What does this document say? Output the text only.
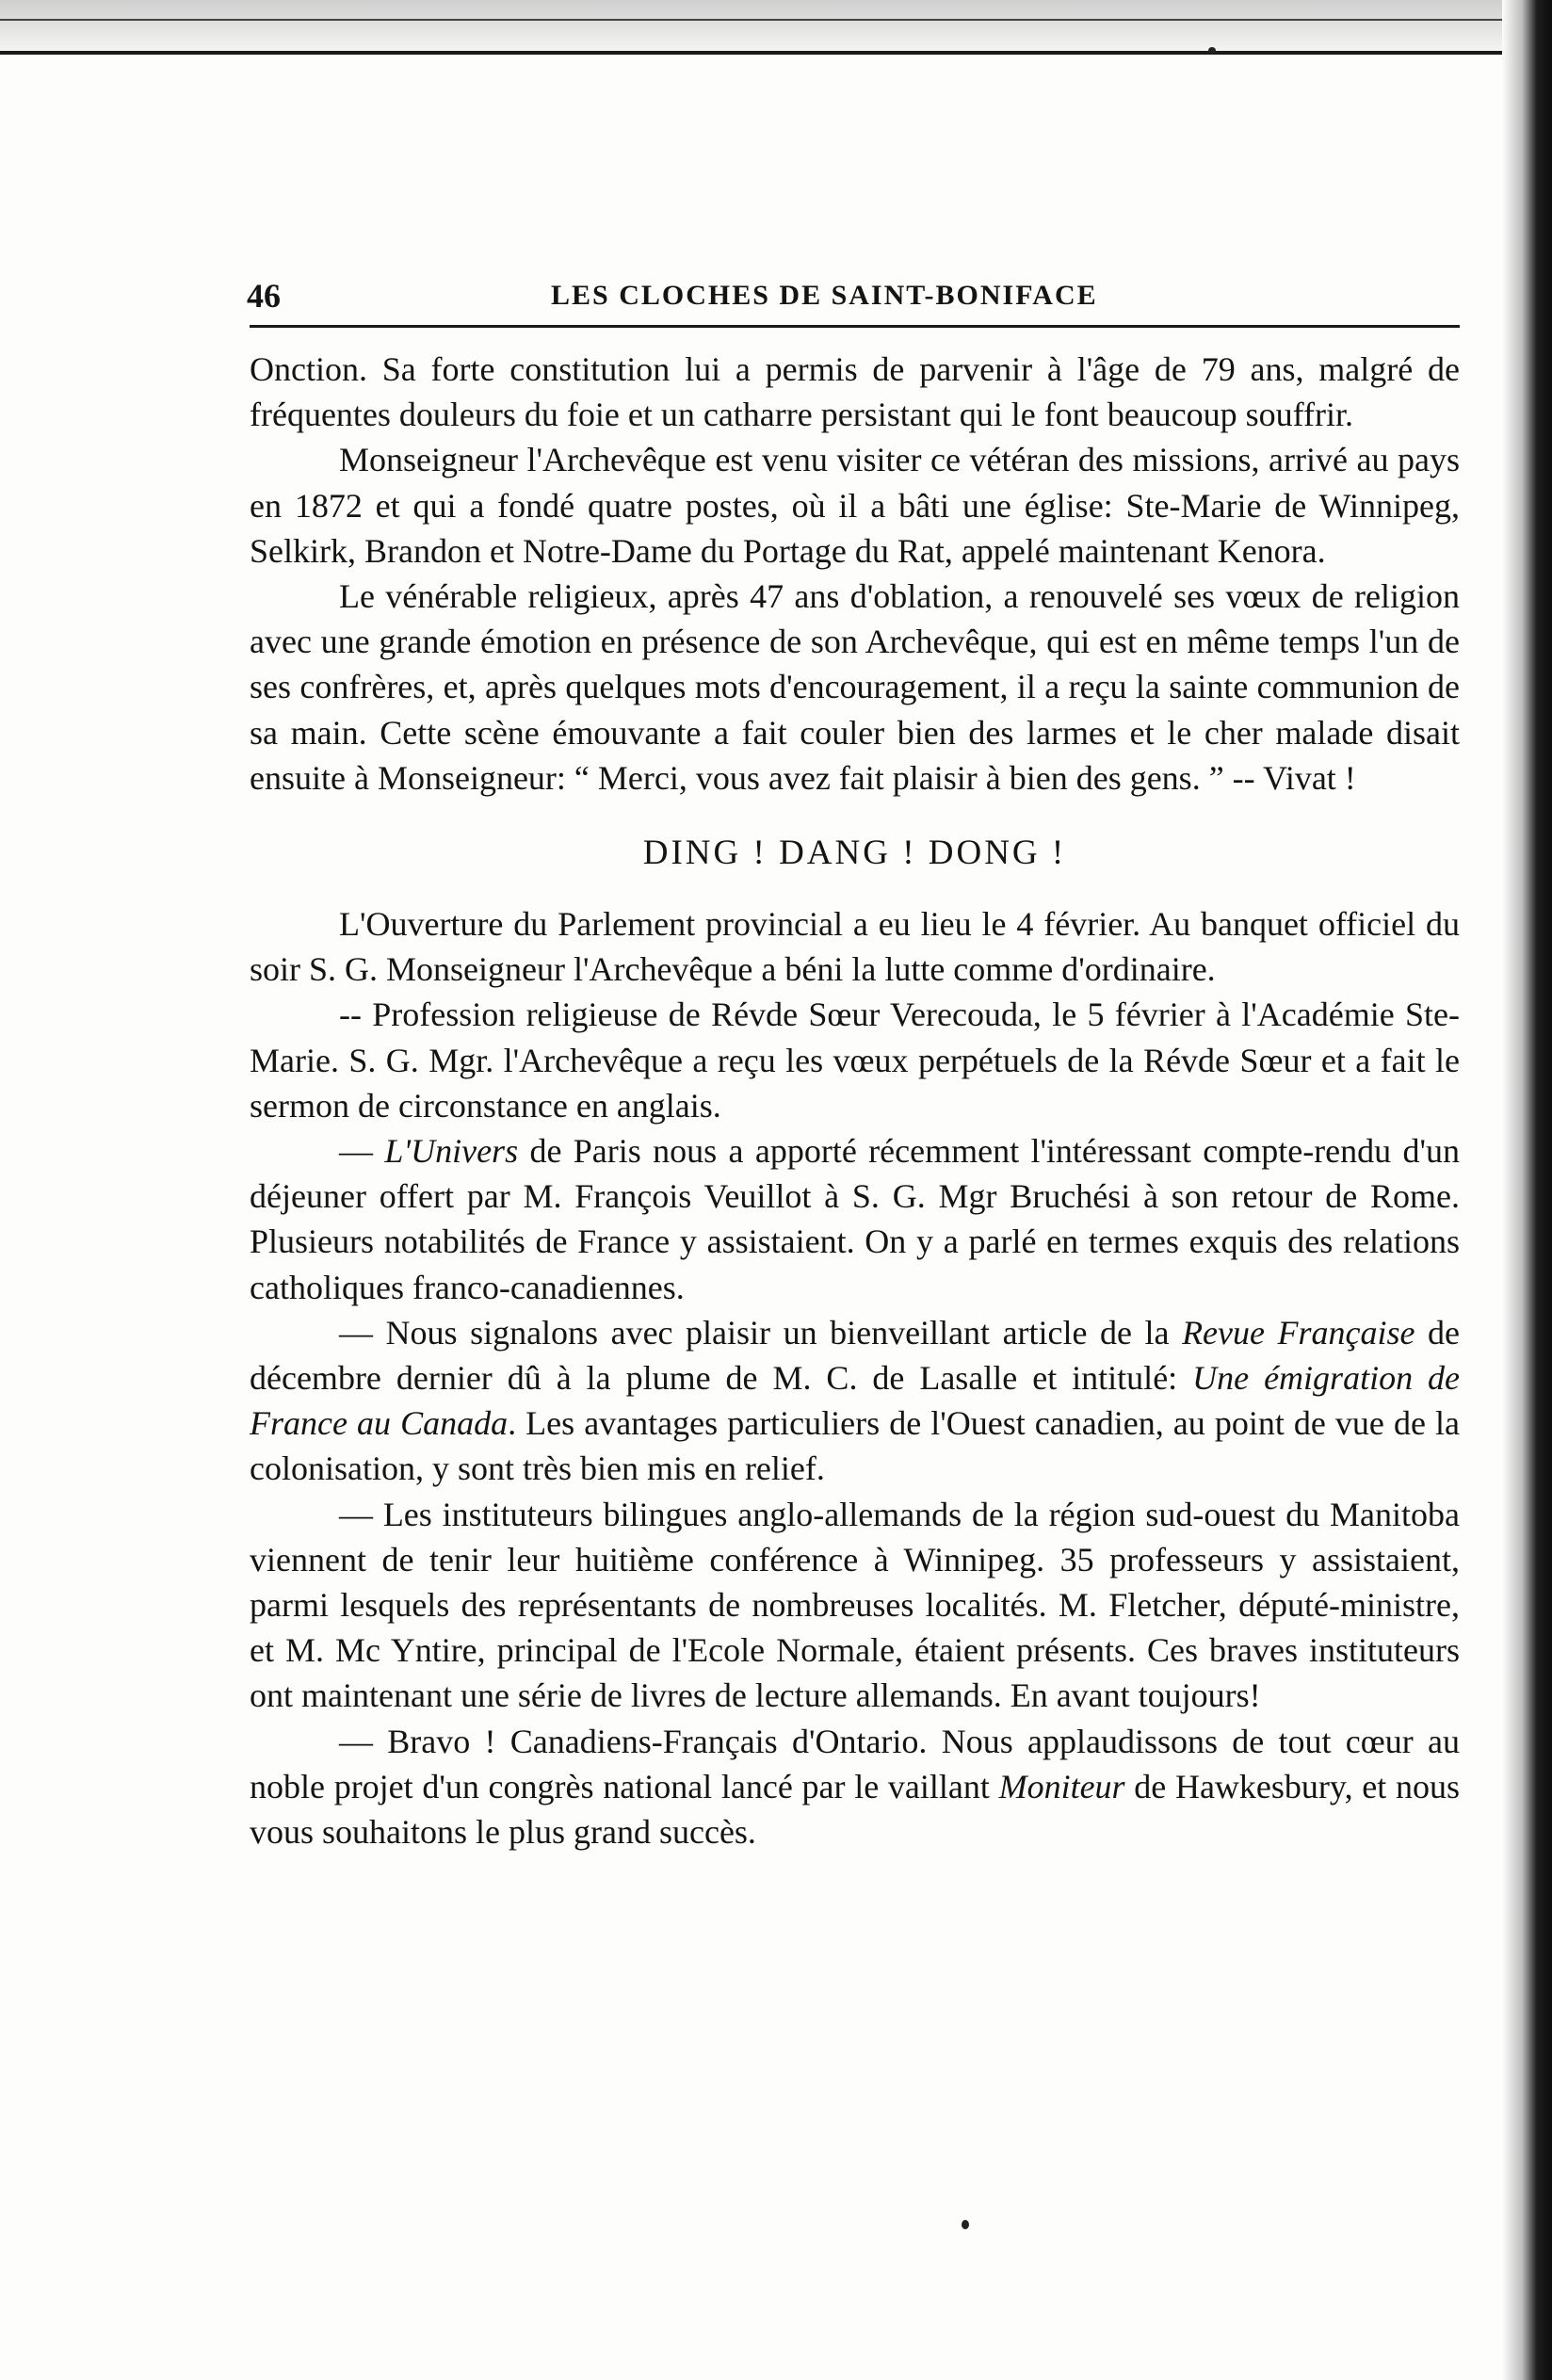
46	LES CLOCHES DE SAINT-BONIFACE

Onction. Sa forte constitution lui a permis de parvenir à l'âge de 79 ans, malgré de fréquentes douleurs du foie et un catharre persistant qui le font beaucoup souffrir.

Monseigneur l'Archevêque est venu visiter ce vétéran des missions, arrivé au pays en 1872 et qui a fondé quatre postes, où il a bâti une église: Ste-Marie de Winnipeg, Selkirk, Brandon et Notre-Dame du Portage du Rat, appelé maintenant Kenora.

Le vénérable religieux, après 47 ans d'oblation, a renouvelé ses vœux de religion avec une grande émotion en présence de son Archevêque, qui est en même temps l'un de ses confrères, et, après quelques mots d'encouragement, il a reçu la sainte communion de sa main. Cette scène émouvante a fait couler bien des larmes et le cher malade disait ensuite à Monseigneur: “ Merci, vous avez fait plaisir à bien des gens. ” -- Vivat !

DING ! DANG ! DONG !

L'Ouverture du Parlement provincial a eu lieu le 4 février. Au banquet officiel du soir S. G. Monseigneur l'Archevêque a béni la lutte comme d'ordinaire.

-- Profession religieuse de Révde Sœur Verecouda, le 5 février à l'Académie Ste-Marie. S. G. Mgr. l'Archevêque a reçu les vœux perpétuels de la Révde Sœur et a fait le sermon de circonstance en anglais.

— L'Univers de Paris nous a apporté récemment l'intéressant compte-rendu d'un déjeuner offert par M. François Veuillot à S. G. Mgr Bruchési à son retour de Rome. Plusieurs notabilités de France y assistaient. On y a parlé en termes exquis des relations catholiques franco-canadiennes.

— Nous signalons avec plaisir un bienveillant article de la Revue Française de décembre dernier dû à la plume de M. C. de Lasalle et intitulé: Une émigration de France au Canada. Les avantages particuliers de l'Ouest canadien, au point de vue de la colonisation, y sont très bien mis en relief.

— Les instituteurs bilingues anglo-allemands de la région sud-ouest du Manitoba viennent de tenir leur huitième conférence à Winnipeg. 35 professeurs y assistaient, parmi lesquels des représentants de nombreuses localités. M. Fletcher, député-ministre, et M. Mc Yntire, principal de l'Ecole Normale, étaient présents. Ces braves instituteurs ont maintenant une série de livres de lecture allemands. En avant toujours!

— Bravo ! Canadiens-Français d'Ontario. Nous applaudissons de tout cœur au noble projet d'un congrès national lancé par le vaillant Moniteur de Hawkesbury, et nous vous souhaitons le plus grand succès.
